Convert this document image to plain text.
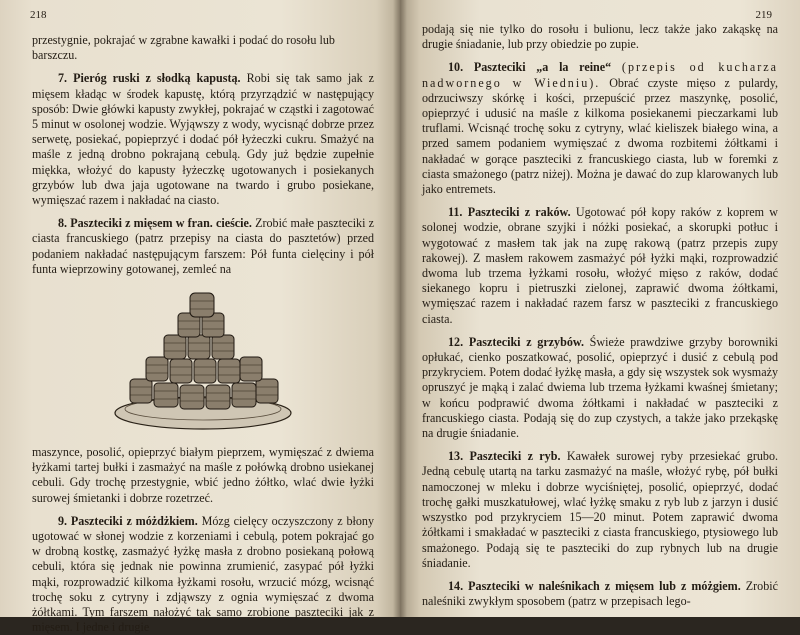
218

przestygnie, pokrajać w zgrabne kawałki i podać do rosołu lub

barszczu.

7. Pieróg ruski z słodką kapustą. Robi się tak samo jak z mięsem kładąc w środek kapustę, którą przyrządzić w następujący sposób: Dwie główki kapusty zwykłej, pokrajać w cząstki i zagotować 5 minut w osolonej wodzie. Wyjąwszy z wody, wycisnąć dobrze przez serwetę, posiekać, popieprzyć i dodać pół łyżeczki cukru. Smażyć na maśle z jedną drobno pokrajaną cebulą. Gdy już będzie zupełnie miękka, włożyć do kapusty łyżeczkę ugotowanych i posiekanych grzybów lub dwa jaja ugotowane na twardo i grubo posiekane, wymięszać razem i nakładać na ciasto.

8. Paszteciki z mięsem w fran. cieście. Zrobić małe paszteciki z ciasta francuskiego (patrz przepisy na ciasta do pasztetów) przed podaniem nakładać następującym farszem: Pół funta cielęciny i pół funta wieprzowiny gotowanej, zemleć na

maszynce, posolić, opieprzyć białym pieprzem, wymięszać z dwiema łyżkami tartej bułki i zasmażyć na maśle z połówką drobno usiekanej cebuli. Gdy trochę przestygnie, wbić jedno żółtko, wlać dwie łyżki surowej śmietanki i dobrze rozetrzeć.

9. Paszteciki z móżdżkiem. Mózg cielęcy oczyszczony z błony ugotować w słonej wodzie z korzeniami i cebulą, potem pokrajać go w drobną kostkę, zasmażyć łyżkę masła z drobno posiekaną połową cebuli, która się jednak nie powinna zrumienić, zasypać pół łyżki mąki, rozprowadzić kilkoma łyżkami rosołu, wrzucić mózg, wcisnąć trochę soku z cytryny i zdjąwszy z ognia wymięszać z dwoma żółtkami. Tym farszem nałożyć tak samo zrobione paszteciki jak z mięsem. I jedne i drugie

219

podają się nie tylko do rosołu i bulionu, lecz także jako zakąskę na drugie śniadanie, lub przy obiedzie po zupie.

10. Paszteciki „a la reine“ (przepis od kucharza nadwornego w Wiedniu). Obrać czyste mięso z pulardy, odrzuciwszy skórkę i kości, przepuścić przez maszynkę, posolić, opieprzyć i udusić na maśle z kilkoma posiekanemi pieczarkami lub truflami. Wcisnąć trochę soku z cytryny, wlać kieliszek białego wina, a przed samem podaniem wymięszać z dwoma rozbitemi żółtkami i nakładać w gorące paszteciki z francuskiego ciasta, lub w foremki z ciasta smażonego (patrz niżej). Można je dawać do zup klarowanych lub jako entremets.

11. Paszteciki z raków. Ugotować pół kopy raków z koprem w solonej wodzie, obrane szyjki i nóżki posiekać, a skorupki potłuc i wygotować z masłem tak jak na zupę rakową (patrz przepis zupy rakowej). Z masłem rakowem zasmażyć pół łyżki mąki, rozprowadzić dwoma lub trzema łyżkami rosołu, włożyć mięso z raków, dodać siekanego kopru i pietruszki zielonej, zaprawić dwoma żółtkami, wymięszać razem i nakładać razem farsz w paszteciki z francuskiego ciasta.

12. Paszteciki z grzybów. Świeże prawdziwe grzyby borowniki opłukać, cienko poszatkować, posolić, opieprzyć i dusić z cebulą pod przykryciem. Potem dodać łyżkę masła, a gdy się wszystek sok wysmaży opruszyć je mąką i zalać dwiema lub trzema łyżkami kwaśnej śmietany; w końcu podprawić dwoma żółtkami i nakładać w paszteciki z francuskiego ciasta. Podają się do zup czystych, a także jako przekąskę na drugie śniadanie.

13. Paszteciki z ryb. Kawałek surowej ryby przesiekać grubo. Jedną cebulę utartą na tarku zasmażyć na maśle, włożyć rybę, pół bułki namoczonej w mleku i dobrze wyciśniętej, posolić, opieprzyć, dodać trochę gałki muszkatułowej, wlać łyżkę smaku z ryb lub z jarzyn i dusić wszystko pod przykryciem 15—20 minut. Potem zaprawić dwoma żółtkami i smakładać w paszteciki z ciasta francuskiego, ptysiowego lub smażonego. Podają się te paszteciki do zup rybnych lub na drugie śniadanie.

14. Paszteciki w naleśnikach z mięsem lub z móżgiem. Zrobić naleśniki zwykłym sposobem (patrz w przepisach lego-
